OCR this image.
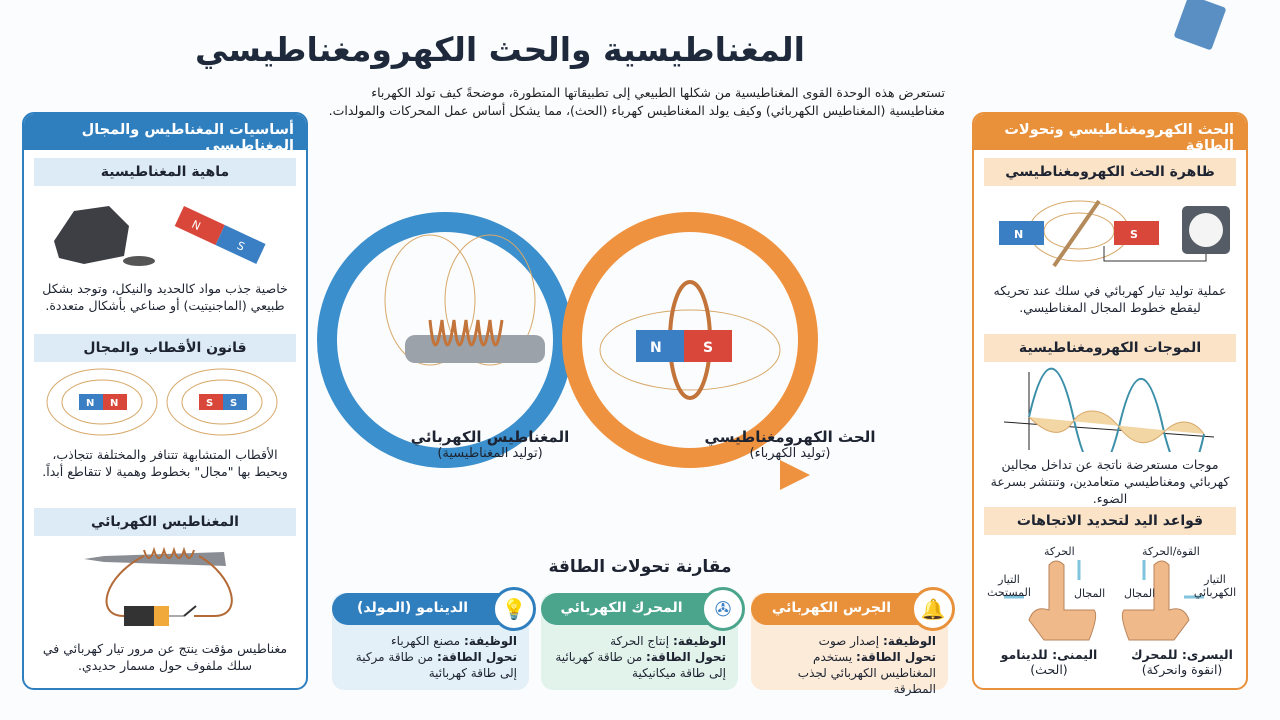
المغناطيسية والحث الكهرومغناطيسي
تستعرض هذه الوحدة القوى المغناطيسية من شكلها الطبيعي إلى تطبيقاتها المتطورة، موضحةً كيف تولد الكهرباء مغناطيسية (المغناطيس الكهربائي) وكيف يولد المغناطيس كهرباء (الحث)، مما يشكل أساس عمل المحركات والمولدات.
أساسيات المغناطيس والمجال المغناطيسي
ماهية المغناطيسية
N
S
خاصية جذب مواد كالحديد والنيكل، وتوجد بشكل طبيعي (الماجنيتيت) أو صناعي بأشكال متعددة.
قانون الأقطاب والمجال
N N	S S
الأقطاب المتشابهة تتنافر والمختلفة تتجاذب، ويحيط بها "مجال" بخطوط وهمية لا تتقاطع أبداً.
المغناطيس الكهربائي
مغناطيس مؤقت ينتج عن مرور تيار كهربائي في سلك ملفوف حول مسمار حديدي.
N	S
المغناطيس الكهربائي
(توليد المغناطيسية)
الحث الكهرومغناطيسي
(توليد الكهرباء)
مقارنة تحولات الطاقة
الدينامو (المولد)	💡
الوظيفة: مصنع الكهرباء
تحول الطاقة: من طاقة مركية إلى طاقة كهربائية
المحرك الكهربائي	✇
الوظيفة: إنتاج الحركة
تحول الطاقة: من طاقة كهربائية إلى طاقة ميكانيكية
الجرس الكهربائي	🔔
الوظيفة: إصدار صوت
تحول الطاقة: يستخدم المغناطيس الكهربائي لجذب المطرقة
الحث الكهرومغناطيسي وتحولات الطاقة
ظاهرة الحث الكهرومغناطيسي
N	S
عملية توليد تيار كهربائي في سلك عند تحريكه ليقطع خطوط المجال المغناطيسي.
الموجات الكهرومغناطيسية
موجات مستعرضة ناتجة عن تداخل مجالين كهربائي ومغناطيسي متعامدين، وتنتشر بسرعة الضوء.
قواعد اليد لتحديد الاتجاهات
الحركة
التيار المستحث	المجال
القوة/الحركة
التيار الكهربائي
المجال
اليمنى: للدينامو
(الحث)
اليسرى: للمحرك
(انقوة وانحركة)
